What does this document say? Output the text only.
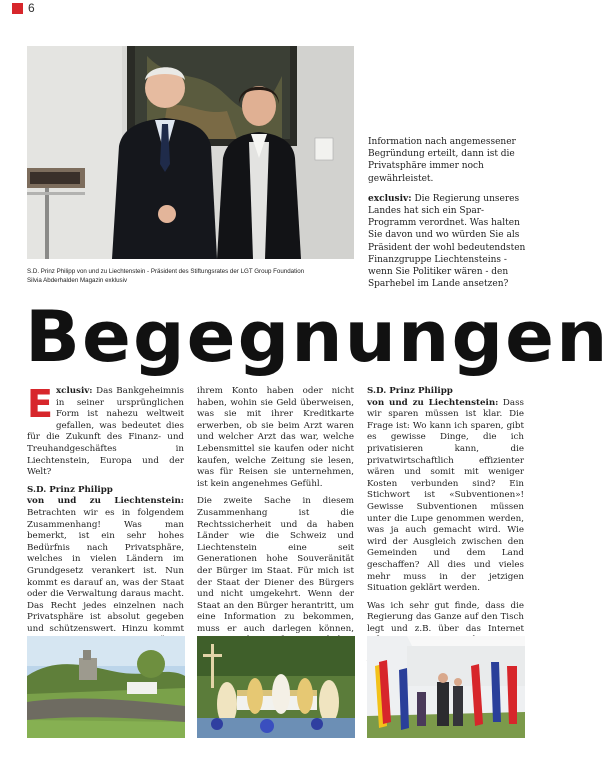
6
S.D. Prinz Philipp von und zu Liechtenstein - Präsident des Stiftungsrates der LGT Group Foundation
Silvia Abderhalden Magazin exklusiv

Information nach angemessener Begründung erteilt, dann ist die Privatsphäre immer noch gewährleistet.

exclusiv: Die Regierung unseres Landes hat sich ein Spar-Programm verordnet. Was halten Sie davon und wo würden Sie als Präsident der wohl bedeutendsten Finanzgruppe Liechtensteins - wenn Sie Politiker wären - den Sparhebel im Lande ansetzen?

Begegnungen

Exclusiv: Das Bankgeheimnis in seiner ursprünglichen Form ist nahezu weltweit gefallen, was bedeutet dies für die Zukunft des Finanz- und Treuhandgeschäftes in Liechtenstein, Europa und der Welt?

S.D. Prinz Philipp
von und zu Liechtenstein: Betrachten wir es in folgendem Zusammenhang! Was man bemerkt, ist ein sehr hohes Bedürfnis nach Privatsphäre, welches in vielen Ländern im Grundgesetz verankert ist. Nun kommt es darauf an, was der Staat oder die Verwaltung daraus macht. Das Recht jedes einzelnen nach Privatsphäre ist absolut gegeben und schützenswert. Hinzu kommt

ihrem Konto haben oder nicht haben, wohin sie Geld überweisen, was sie mit ihrer Kreditkarte erwerben, ob sie beim Arzt waren und welcher Arzt das war, welche Lebensmittel sie kaufen oder nicht kaufen, welche Zeitung sie lesen, was für Reisen sie unternehmen, ist kein angenehmes Gefühl.

Die zweite Sache in diesem Zusammenhang ist die Rechtssicherheit und da haben Länder wie die Schweiz und Liechtenstein eine seit Generationen hohe Souveränität der Bürger im Staat. Für mich ist der Staat der Diener des Bürgers und nicht umgekehrt. Wenn der Staat an den Bürger herantritt, um eine Information zu bekommen, muss er auch darlegen können,

S.D. Prinz Philipp
von und zu Liechtenstein: Dass wir sparen müssen ist klar. Die Frage ist: Wo kann ich sparen, gibt es gewisse Dinge, die ich privatisieren kann, die privatwirtschaftlich effizienter wären und somit mit weniger Kosten verbunden sind? Ein Stichwort ist «Subventionen»! Gewisse Subventionen müssen unter die Lupe genommen werden, was ja auch gemacht wird. Wie wird der Ausgleich zwischen den Gemeinden und dem Land geschaffen? All dies und vieles mehr muss in der jetzigen Situation geklärt werden.

Was ich sehr gut finde, dass die Regierung das Ganze auf den Tisch legt und z.B. über das Internet
